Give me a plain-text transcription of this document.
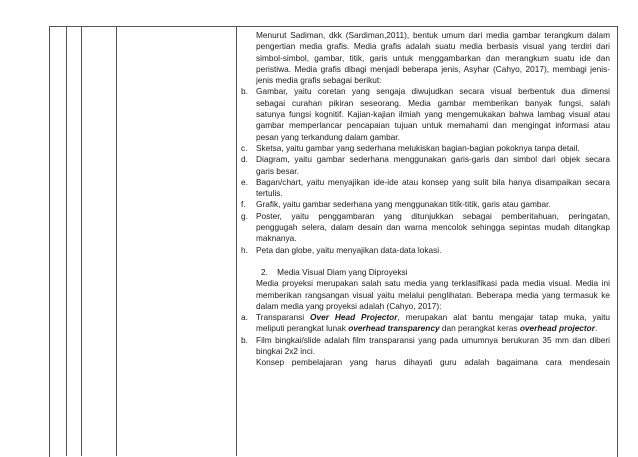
Menurut Sadiman, dkk (Sardiman,2011), bentuk umum dari media gambar terangkum dalam
pengertian media grafis. Media grafis adalah suatu media berbasis visual yang terdiri dari
simbol-simbol, gambar, titik, garis untuk menggambarkan dan merangkum suatu ide dan
peristiwa. Media grafis dibagi menjadi beberapa jenis, Asyhar (Cahyo, 2017), membagi jenis-
jenis media grafis sebagai berikut:
b. Gambar, yaitu coretan yang sengaja diwujudkan secara visual berbentuk dua dimensi
sebagai curahan pikiran seseorang. Media gambar memberikan banyak fungsi, salah
satunya fungsi kognitif. Kajian-kajian ilmiah yang mengemukakan bahwa lambag visual atau
gambar memperlancar pencapaian tujuan untuk memahami dan mengingat informasi atau
pesan yang terkandung dalam gambar.
c. Sketsa, yaitu gambar yang sederhana melukiskan bagian-bagian pokoknya tanpa detail.
d. Diagram, yaitu gambar sederhana menggunakan garis-garis dan simbol dari objek secara
garis besar.
e. Bagan/chart, yaitu menyajikan ide-ide atau konsep yang sulit bila hanya disampaikan secara
tertulis.
f. Grafik, yaitu gambar sederhana yang menggunakan titik-titik, garis atau gambar.
g. Poster, yaitu penggambaran yang ditunjukkan sebagai pemberitahuan, peringatan,
penggugah selera, dalam desain dan warna mencolok sehingga sepintas mudah ditangkap
maknanya.
h. Peta dan globe, yaitu menyajikan data-data lokasi.
2. Media Visual Diam yang Diproyeksi
Media proyeksi merupakan salah satu media yang terklasifikasi pada media visual. Media ini
memberikan rangsangan visual yaitu melalui penglihatan. Beberapa media yang termasuk ke
dalam media yang proyeksi adalah (Cahyo, 2017):
a. Transparansi Over Head Projector, merupakan alat bantu mengajar tatap muka, yaitu
meliputi perangkat lunak overhead transparency dan perangkat keras overhead projector.
b. Film bingkai/slide adalah film transparansi yang pada umumnya berukuran 35 mm dan diberi
bingkai 2x2 inci.
Konsep pembelajaran yang harus dihayati guru adalah bagaimana cara mendesain
